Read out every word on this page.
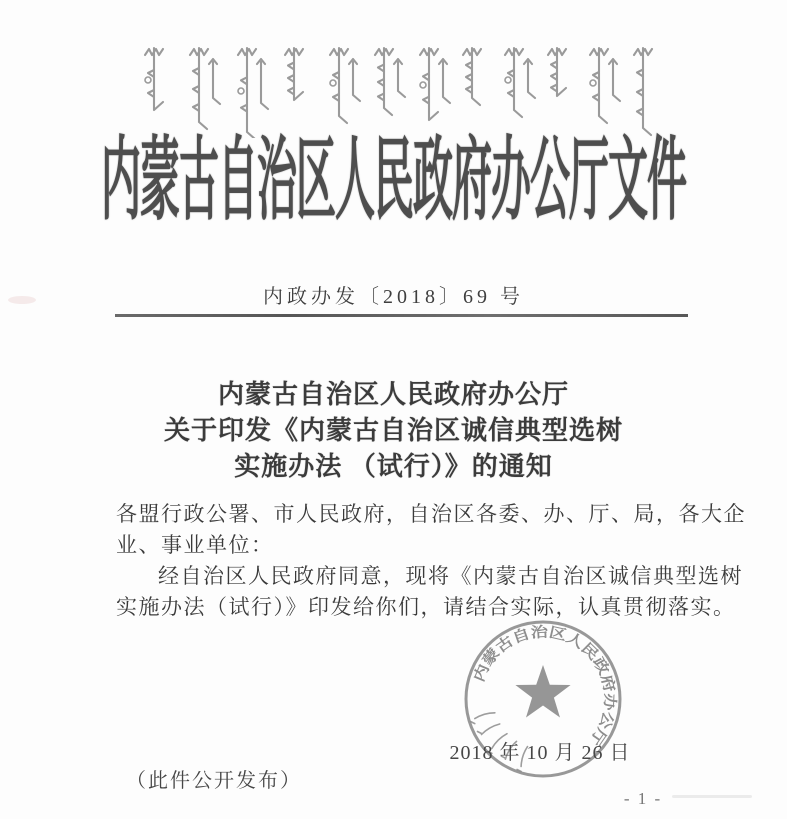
内蒙古自治区人民政府办公厅文件
内政办发〔2018〕69 号
内蒙古自治区人民政府办公厅
关于印发《内蒙古自治区诚信典型选树
实施办法 （试行）》的通知
各盟行政公署、市人民政府，自治区各委、办、厅、局，各大企
业、事业单位：
经自治区人民政府同意，现将《内蒙古自治区诚信典型选树
实施办法（试行）》印发给你们，请结合实际，认真贯彻落实。
内蒙古自治区人民政府办公厅
2018 年 10 月 26 日
（此件公开发布）
- 1 -
